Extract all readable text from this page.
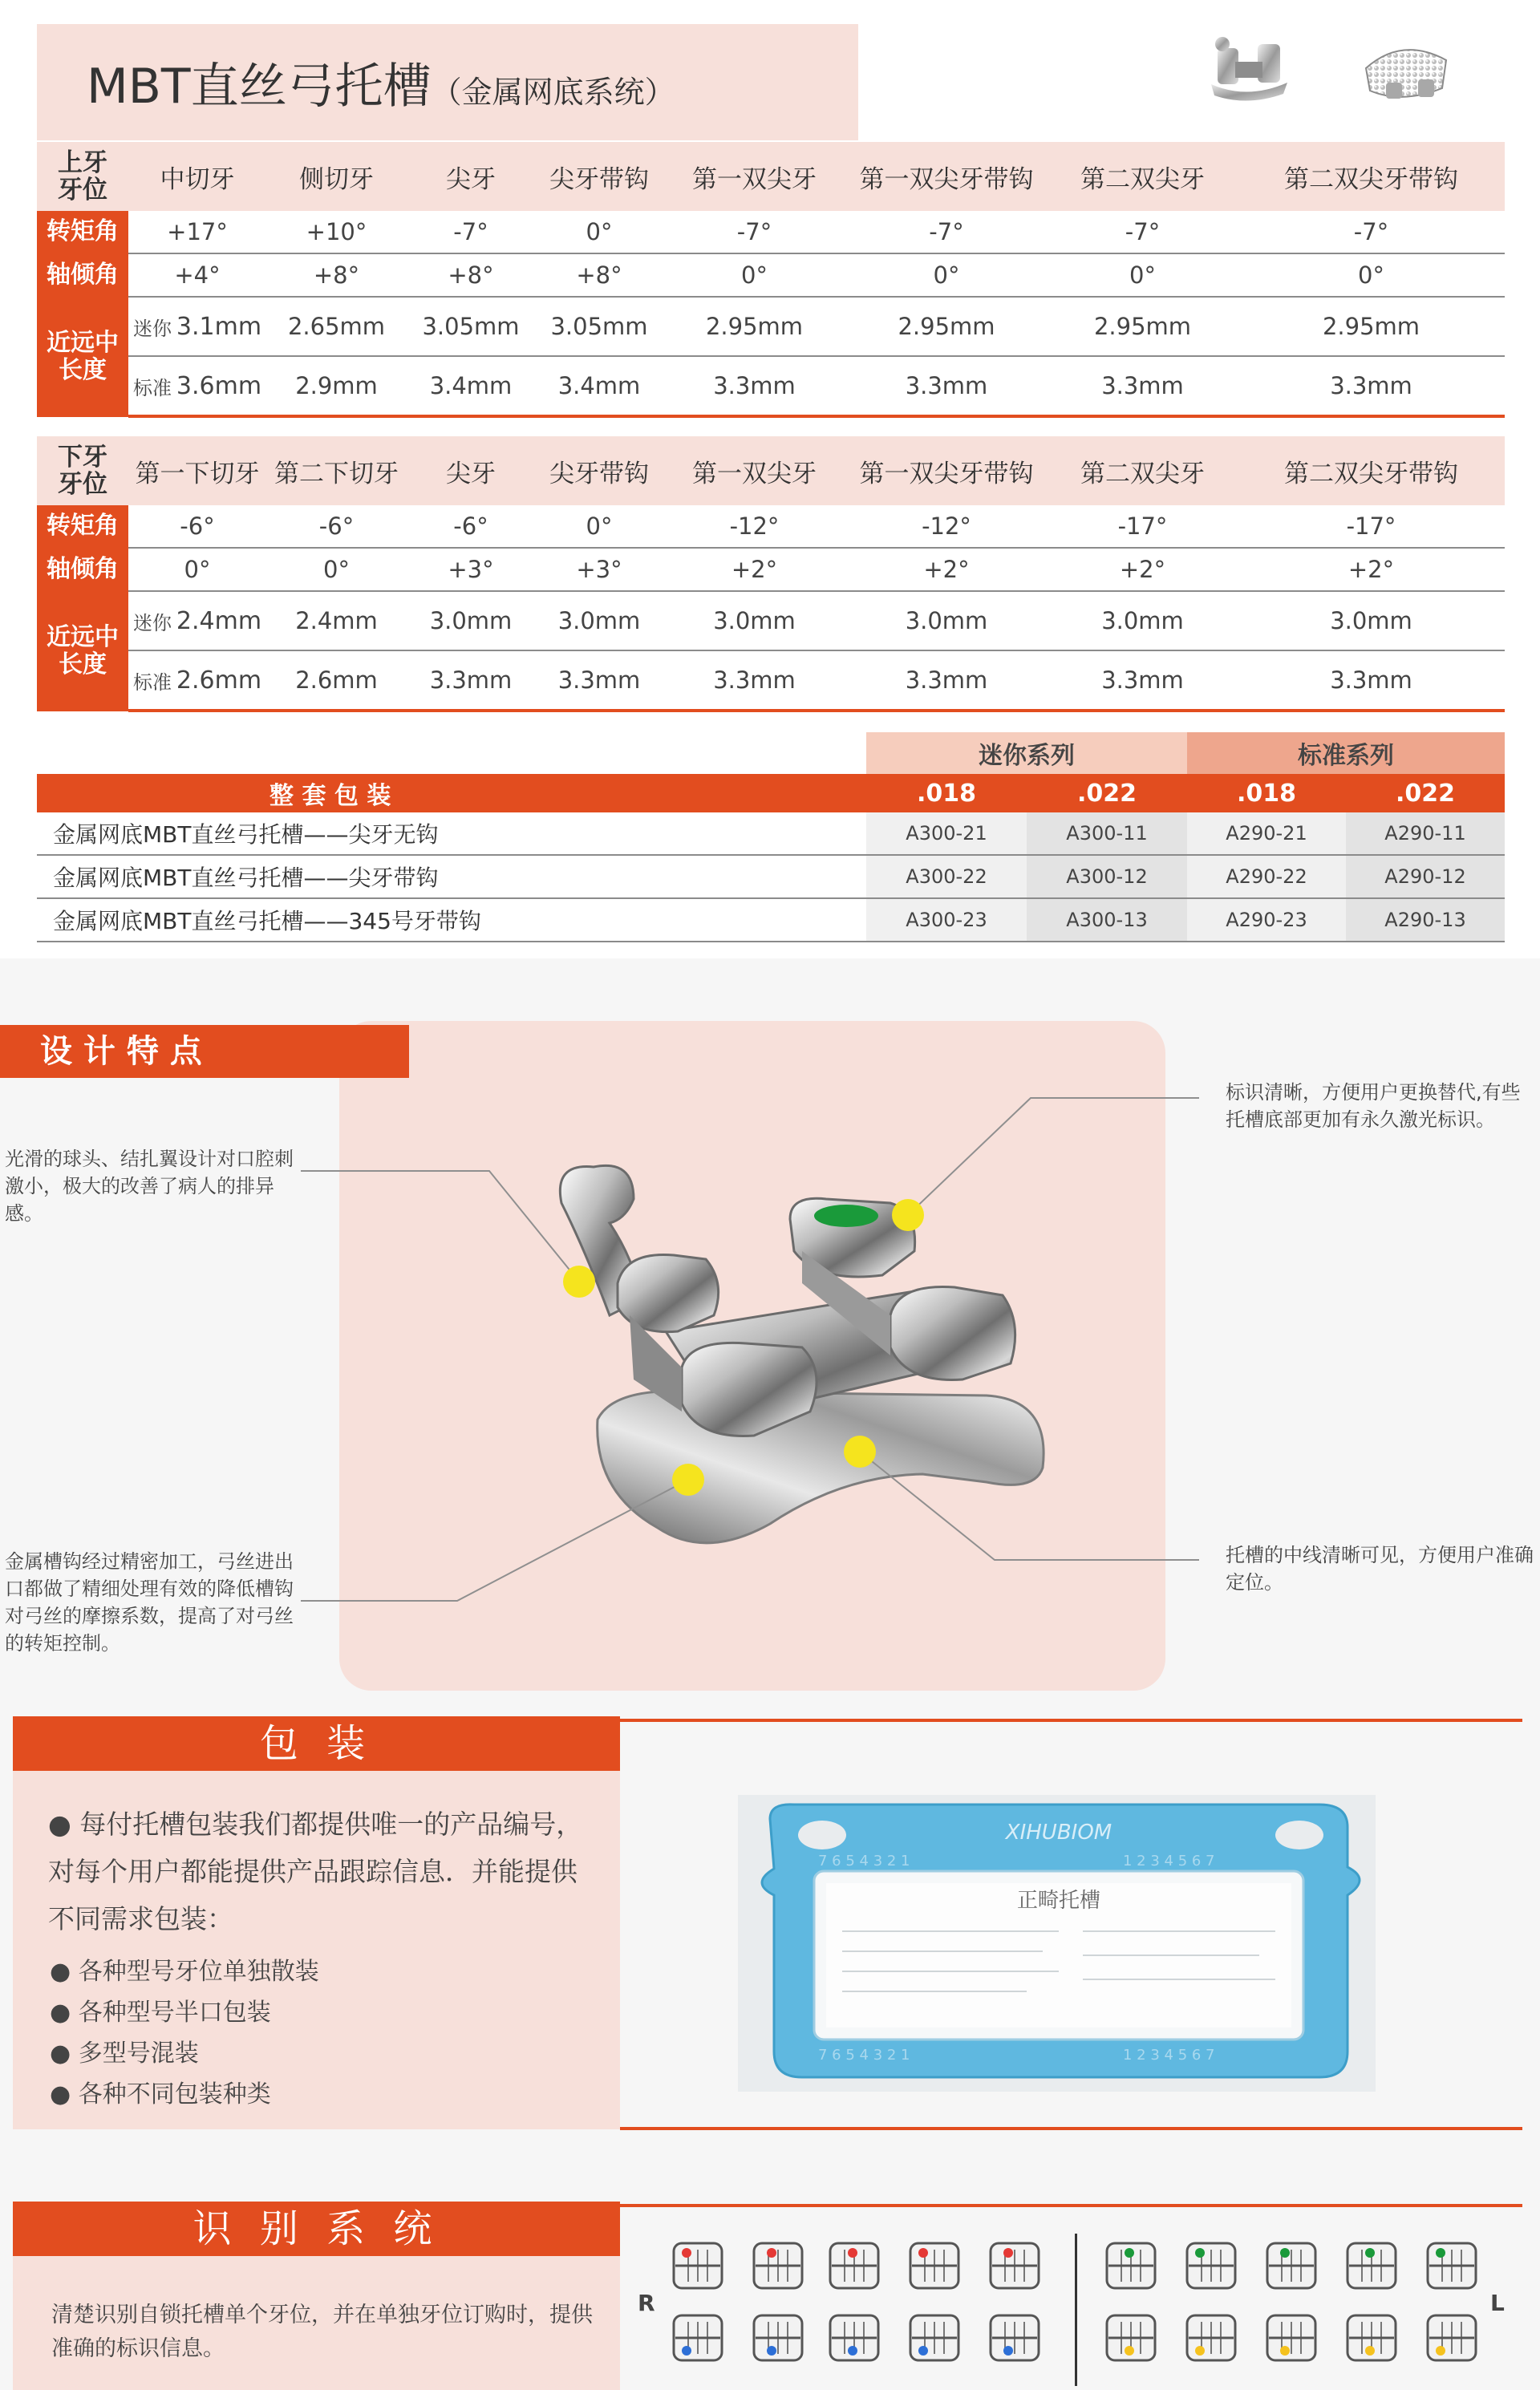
MBT直丝弓托槽（金属网底系统）
上牙
牙位	中切牙	侧切牙	尖牙	尖牙带钩	第一双尖牙	第一双尖牙带钩	第二双尖牙	第二双尖牙带钩
转矩角	+17°	+10°	-7°	0°	-7°	-7°	-7°	-7°
轴倾角	+4°	+8°	+8°	+8°	0°	0°	0°	0°
近远中
长度	迷你 3.1mm	2.65mm	3.05mm	3.05mm	2.95mm	2.95mm	2.95mm	2.95mm

	标准 3.6mm	2.9mm	3.4mm	3.4mm	3.3mm	3.3mm	3.3mm	3.3mm
下牙
牙位	第一下切牙	第二下切牙	尖牙	尖牙带钩	第一双尖牙	第一双尖牙带钩	第二双尖牙	第二双尖牙带钩
转矩角	-6°	-6°	-6°	0°	-12°	-12°	-17°	-17°
轴倾角	0°	0°	+3°	+3°	+2°	+2°	+2°	+2°
近远中
长度	迷你 2.4mm	2.4mm	3.0mm	3.0mm	3.0mm	3.0mm	3.0mm	3.0mm

	标准 2.6mm	2.6mm	3.3mm	3.3mm	3.3mm	3.3mm	3.3mm	3.3mm
	迷你系列		标准系列	
整 套 包 装	.018	.022	.018	.022
金属网底MBT直丝弓托槽——尖牙无钩	A300-21	A300-11	A290-21	A290-11
金属网底MBT直丝弓托槽——尖牙带钩	A300-22	A300-12	A290-22	A290-12
金属网底MBT直丝弓托槽——345号牙带钩	A300-23	A300-13	A290-23	A290-13
设 计 特 点
光滑的球头、结扎翼设计对口腔刺激小，极大的改善了病人的排异感。
金属槽钩经过精密加工，弓丝进出口都做了精细处理有效的降低槽钩对弓丝的摩擦系数，提高了对弓丝的转矩控制。
标识清晰，方便用户更换替代,有些托槽底部更加有永久激光标识。
托槽的中线清晰可见，方便用户准确定位。
包 装
● 每付托槽包装我们都提供唯一的产品编号，对每个用户都能提供产品跟踪信息．并能提供不同需求包装：
● 各种型号牙位单独散装
● 各种型号半口包装
● 多型号混装
● 各种不同包装种类
XIHUBIOM
正畸托槽
7 6 5 4 3 2 1	1 2 3 4 5 6 7
7 6 5 4 3 2 1	1 2 3 4 5 6 7
识 别 系 统
清楚识别自锁托槽单个牙位，并在单独牙位订购时，提供准确的标识信息。
R	L
